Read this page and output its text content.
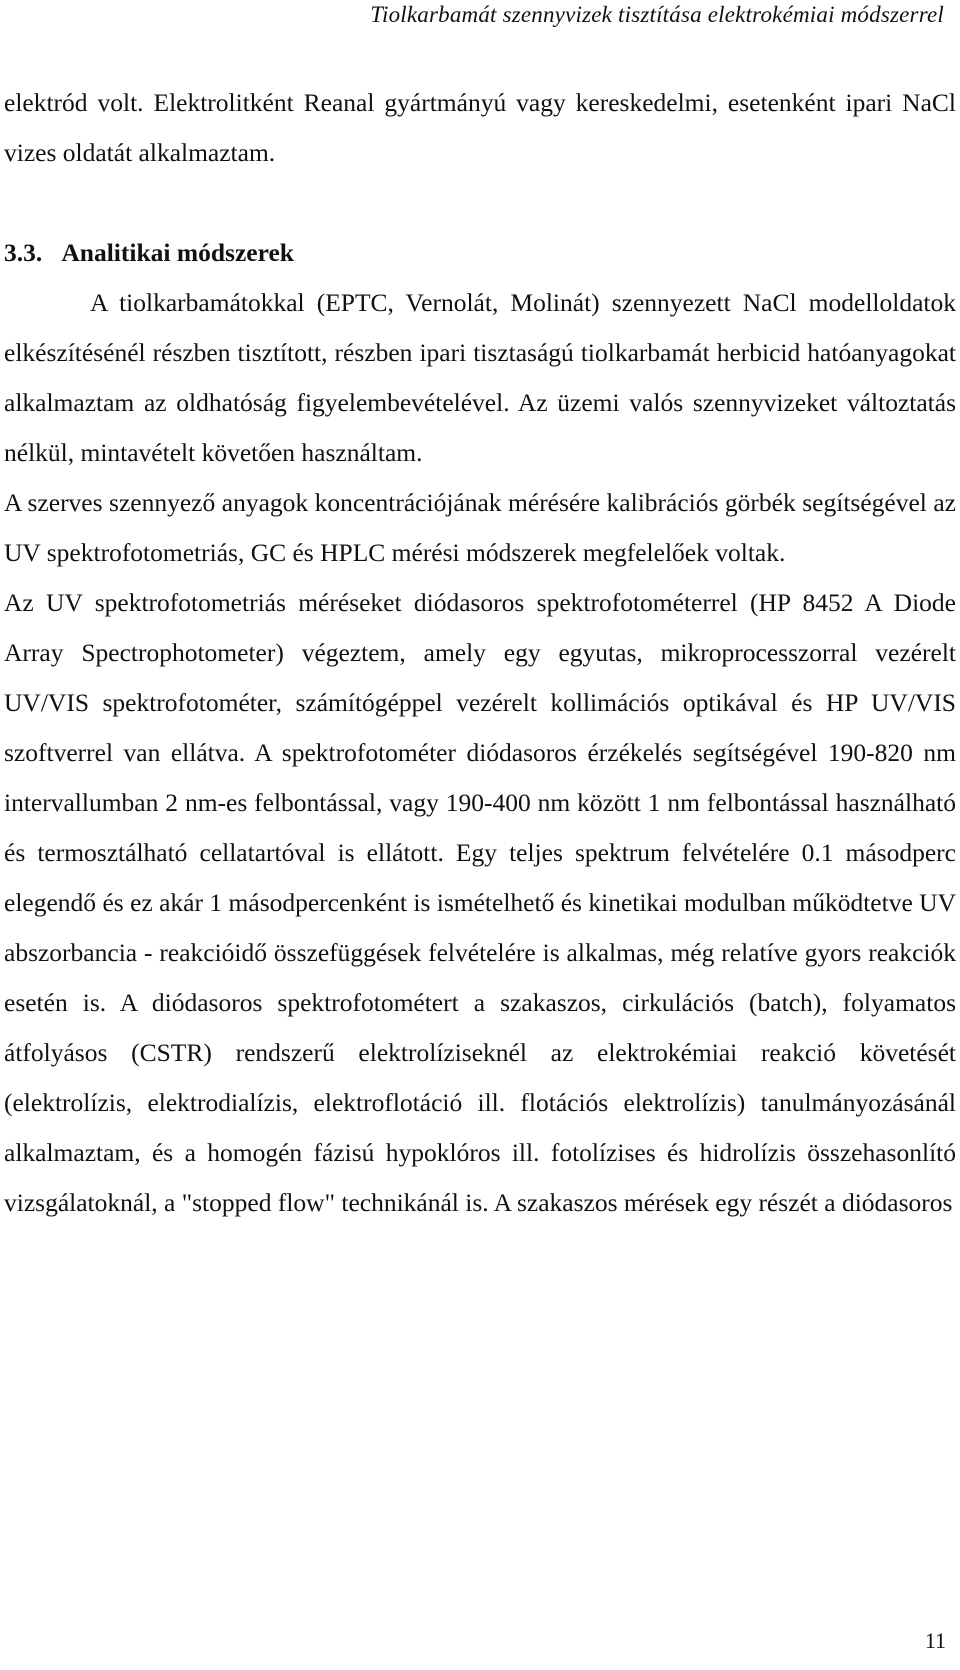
Tiolkarbamát szennyvizek tisztítása elektrokémiai módszerrel

elektród volt. Elektrolitként Reanal gyártmányú vagy kereskedelmi, esetenként ipari NaCl vizes oldatát alkalmaztam.

3.3. Analitikai módszerek

A tiolkarbamátokkal (EPTC, Vernolát, Molinát) szennyezett NaCl modelloldatok elkészítésénél részben tisztított, részben ipari tisztaságú tiolkarbamát herbicid hatóanyagokat alkalmaztam az oldhatóság figyelembevételével. Az üzemi valós szennyvizeket változtatás nélkül, mintavételt követően használtam.

A szerves szennyező anyagok koncentrációjának mérésére kalibrációs görbék segítségével az UV spektrofotometriás, GC és HPLC mérési módszerek megfelelőek voltak.

Az UV spektrofotometriás méréseket diódasoros spektrofotométerrel (HP 8452 A Diode Array Spectrophotometer) végeztem, amely egy egyutas, mikroprocesszorral vezérelt UV/VIS spektrofotométer, számítógéppel vezérelt kollimációs optikával és HP UV/VIS szoftverrel van ellátva. A spektrofotométer diódasoros érzékelés segítségével 190-820 nm intervallumban 2 nm-es felbontással, vagy 190-400 nm között 1 nm felbontással használható és termosztálható cellatartóval is ellátott. Egy teljes spektrum felvételére 0.1 másodperc elegendő és ez akár 1 másodpercenként is ismételhető és kinetikai modulban működtetve UV abszorbancia - reakcióidő összefüggések felvételére is alkalmas, még relatíve gyors reakciók esetén is. A diódasoros spektrofotométert a szakaszos, cirkulációs (batch), folyamatos átfolyásos (CSTR) rendszerű elektrolíziseknél az elektrokémiai reakció követését (elektrolízis, elektrodialízis, elektroflotáció ill. flotációs elektrolízis) tanulmányozásánál alkalmaztam, és a homogén fázisú hypoklóros ill. fotolízises és hidrolízis összehasonlító vizsgálatoknál, a "stopped flow" technikánál is. A szakaszos mérések egy részét a diódasoros

11
